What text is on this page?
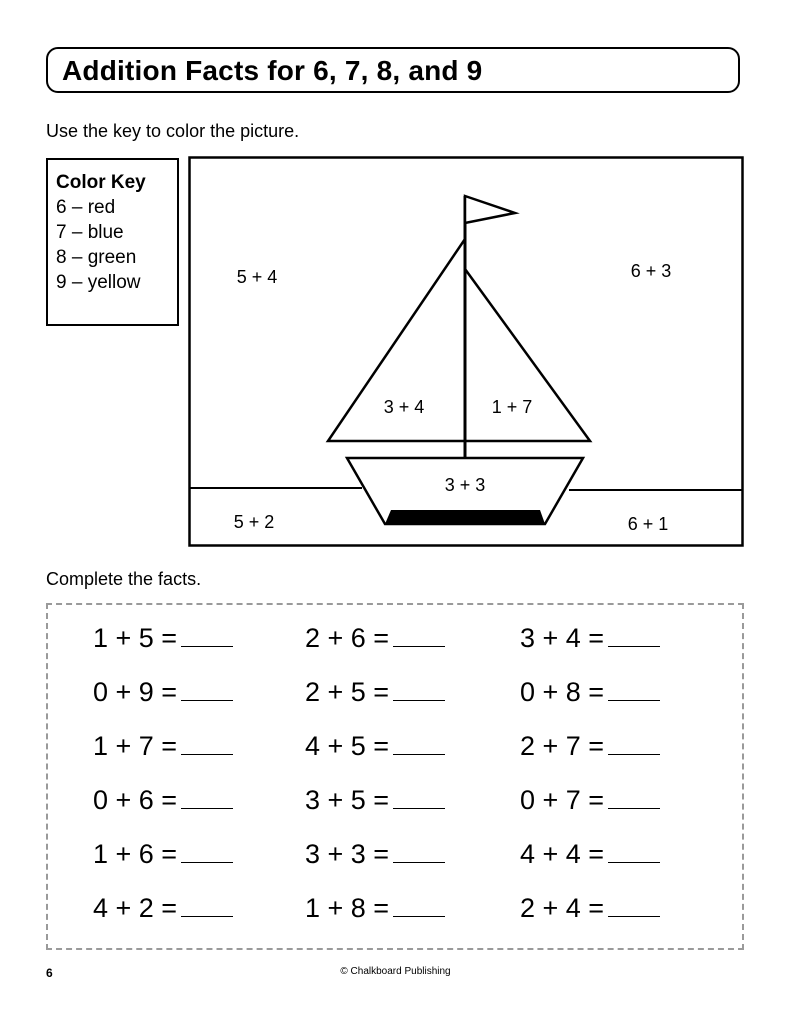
Addition Facts for 6, 7, 8, and 9
Use the key to color the picture.
Color Key
6 – red
7 – blue
8 – green
9 – yellow	5 + 4	6 + 3
3 + 4	1 + 7
3 + 3
5 + 2	6 + 1
Complete the facts.
1 + 5 =	2 + 6 =	3 + 4 =
0 + 9 =	2 + 5 =	0 + 8 =
1 + 7 =	4 + 5 =	2 + 7 =
0 + 6 =	3 + 5 =	0 + 7 =
1 + 6 =	3 + 3 =	4 + 4 =
4 + 2 =	1 + 8 =	2 + 4 =
6	© Chalkboard Publishing
